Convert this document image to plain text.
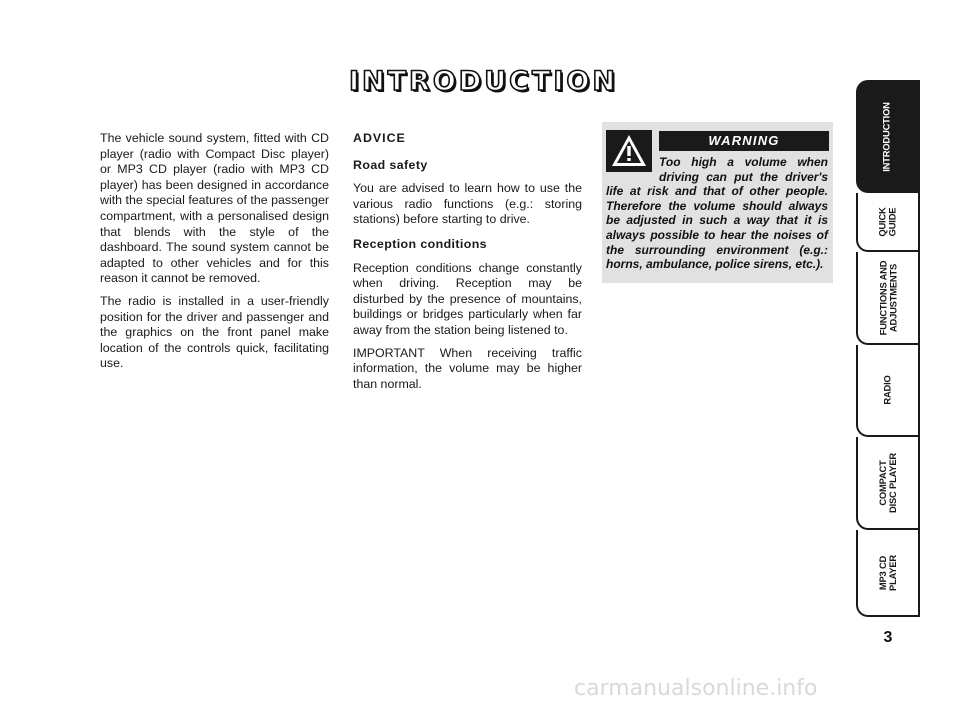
INTRODUCTION

The vehicle sound system, fitted with CD player (radio with Compact Disc player) or MP3 CD player (radio with MP3 CD player) has been designed in accordance with the special features of the passenger compartment, with a personalised design that blends with the style of the dashboard. The sound system cannot be adapted to other vehicles and for this reason it cannot be removed.

The radio is installed in a user-friendly position for the driver and passenger and the graphics on the front panel make location of the controls quick, facilitating use.

ADVICE
Road safety

You are advised to learn how to use the various radio functions (e.g.: storing stations) before starting to drive.

Reception conditions

Reception conditions change constantly when driving. Reception may be disturbed by the presence of mountains, buildings or bridges particularly when far away from the station being listened to.

IMPORTANT When receiving traffic information, the volume may be higher than normal.

WARNING
Too high a volume when driving can put the driver's life at risk and that of other people. Therefore the volume should always be adjusted in such a way that it is always possible to hear the noises of the surrounding environment (e.g.: horns, ambulance, police sirens, etc.).
INTRODUCTION
QUICK
GUIDE
FUNCTIONS AND
ADJUSTMENTS
RADIO
COMPACT
DISC PLAYER
MP3 CD
PLAYER
3
carmanualsonline.info
